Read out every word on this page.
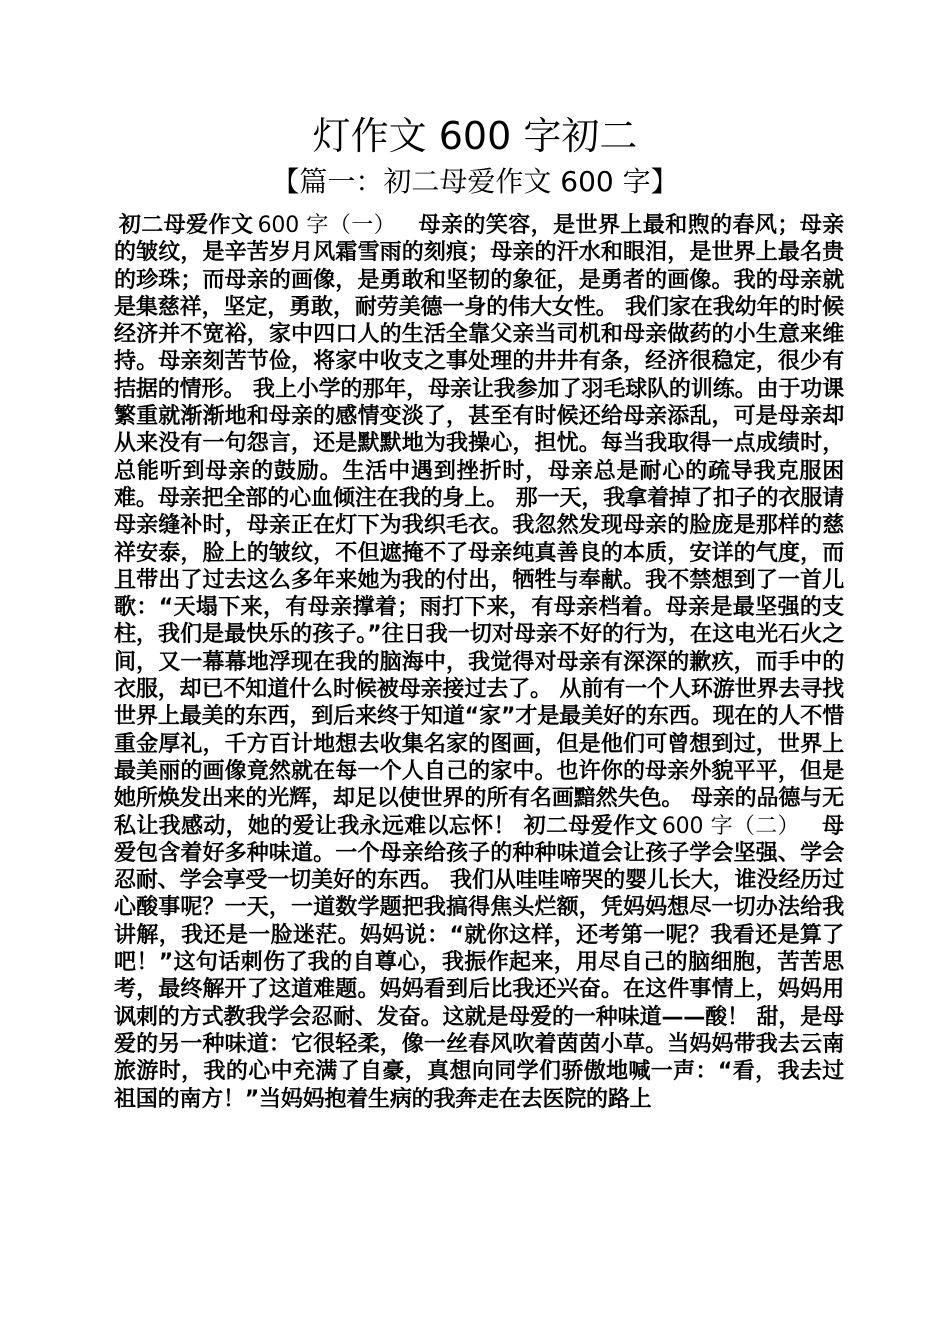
灯作文 600 字初二
【篇一：初二母爱作文 600 字】

 初二母爱作文  600 字（一）  母亲的笑容，是世界上最和煦的春风；母亲的皱纹，是辛苦岁月风霜雪雨的刻痕；母亲的汗水和眼泪，是世界上最名贵的珍珠；而母亲的画像，是勇敢和坚韧的象征，是勇者的画像。我的母亲就是集慈祥，坚定，勇敢，耐劳美德一身的伟大女性。 我们家在我幼年的时候经济并不宽裕，家中四口人的生活全靠父亲当司机和母亲做药的小生意来维持。母亲刻苦节俭，将家中收支之事处理的井井有条，经济很稳定，很少有拮据的情形。 我上小学的那年，母亲让我参加了羽毛球队的训练。由于功课繁重就渐渐地和母亲的感情变淡了，甚至有时候还给母亲添乱，可是母亲却从来没有一句怨言，还是默默地为我操心，担忧。每当我取得一点成绩时，总能听到母亲的鼓励。生活中遇到挫折时，母亲总是耐心的疏导我克服困难。母亲把全部的心血倾注在我的身上。 那一天，我拿着掉了扣子的衣服请母亲缝补时，母亲正在灯下为我织毛衣。我忽然发现母亲的脸庞是那样的慈祥安泰，脸上的皱纹，不但遮掩不了母亲纯真善良的本质，安详的气度，而且带出了过去这么多年来她为我的付出，牺牲与奉献。我不禁想到了一首儿歌：“天塌下来，有母亲撑着；雨打下来，有母亲档着。母亲是最坚强的支柱，我们是最快乐的孩子。”往日我一切对母亲不好的行为，在这电光石火之间，又一幕幕地浮现在我的脑海中，我觉得对母亲有深深的歉疚，而手中的衣服，却已不知道什么时候被母亲接过去了。 从前有一个人环游世界去寻找世界上最美的东西，到后来终于知道“家”才是最美好的东西。现在的人不惜重金厚礼，千方百计地想去收集名家的图画，但是他们可曾想到过，世界上最美丽的画像竟然就在每一个人自己的家中。也许你的母亲外貌平平，但是她所焕发出来的光辉，却足以使世界的所有名画黯然失色。 母亲的品德与无私让我感动，她的爱让我永远难以忘怀！ 初二母爱作文  600 字（二）  母爱包含着好多种味道。一个母亲给孩子的种种味道会让孩子学会坚强、学会忍耐、学会享受一切美好的东西。 我们从哇哇啼哭的婴儿长大，谁没经历过心酸事呢？一天，一道数学题把我搞得焦头烂额，凭妈妈想尽一切办法给我讲解，我还是一脸迷茫。妈妈说：“就你这样，还考第一呢？我看还是算了吧！”这句话刺伤了我的自尊心，我振作起来，用尽自己的脑细胞，苦苦思考，最终解开了这道难题。妈妈看到后比我还兴奋。在这件事情上，妈妈用讽刺的方式教我学会忍耐、发奋。这就是母爱的一种味道——酸！ 甜，是母爱的另一种味道：它很轻柔，像一丝春风吹着茵茵小草。当妈妈带我去云南旅游时，我的心中充满了自豪，真想向同学们骄傲地喊一声：“看，我去过祖国的南方！”当妈妈抱着生病的我奔走在去医院的路上
